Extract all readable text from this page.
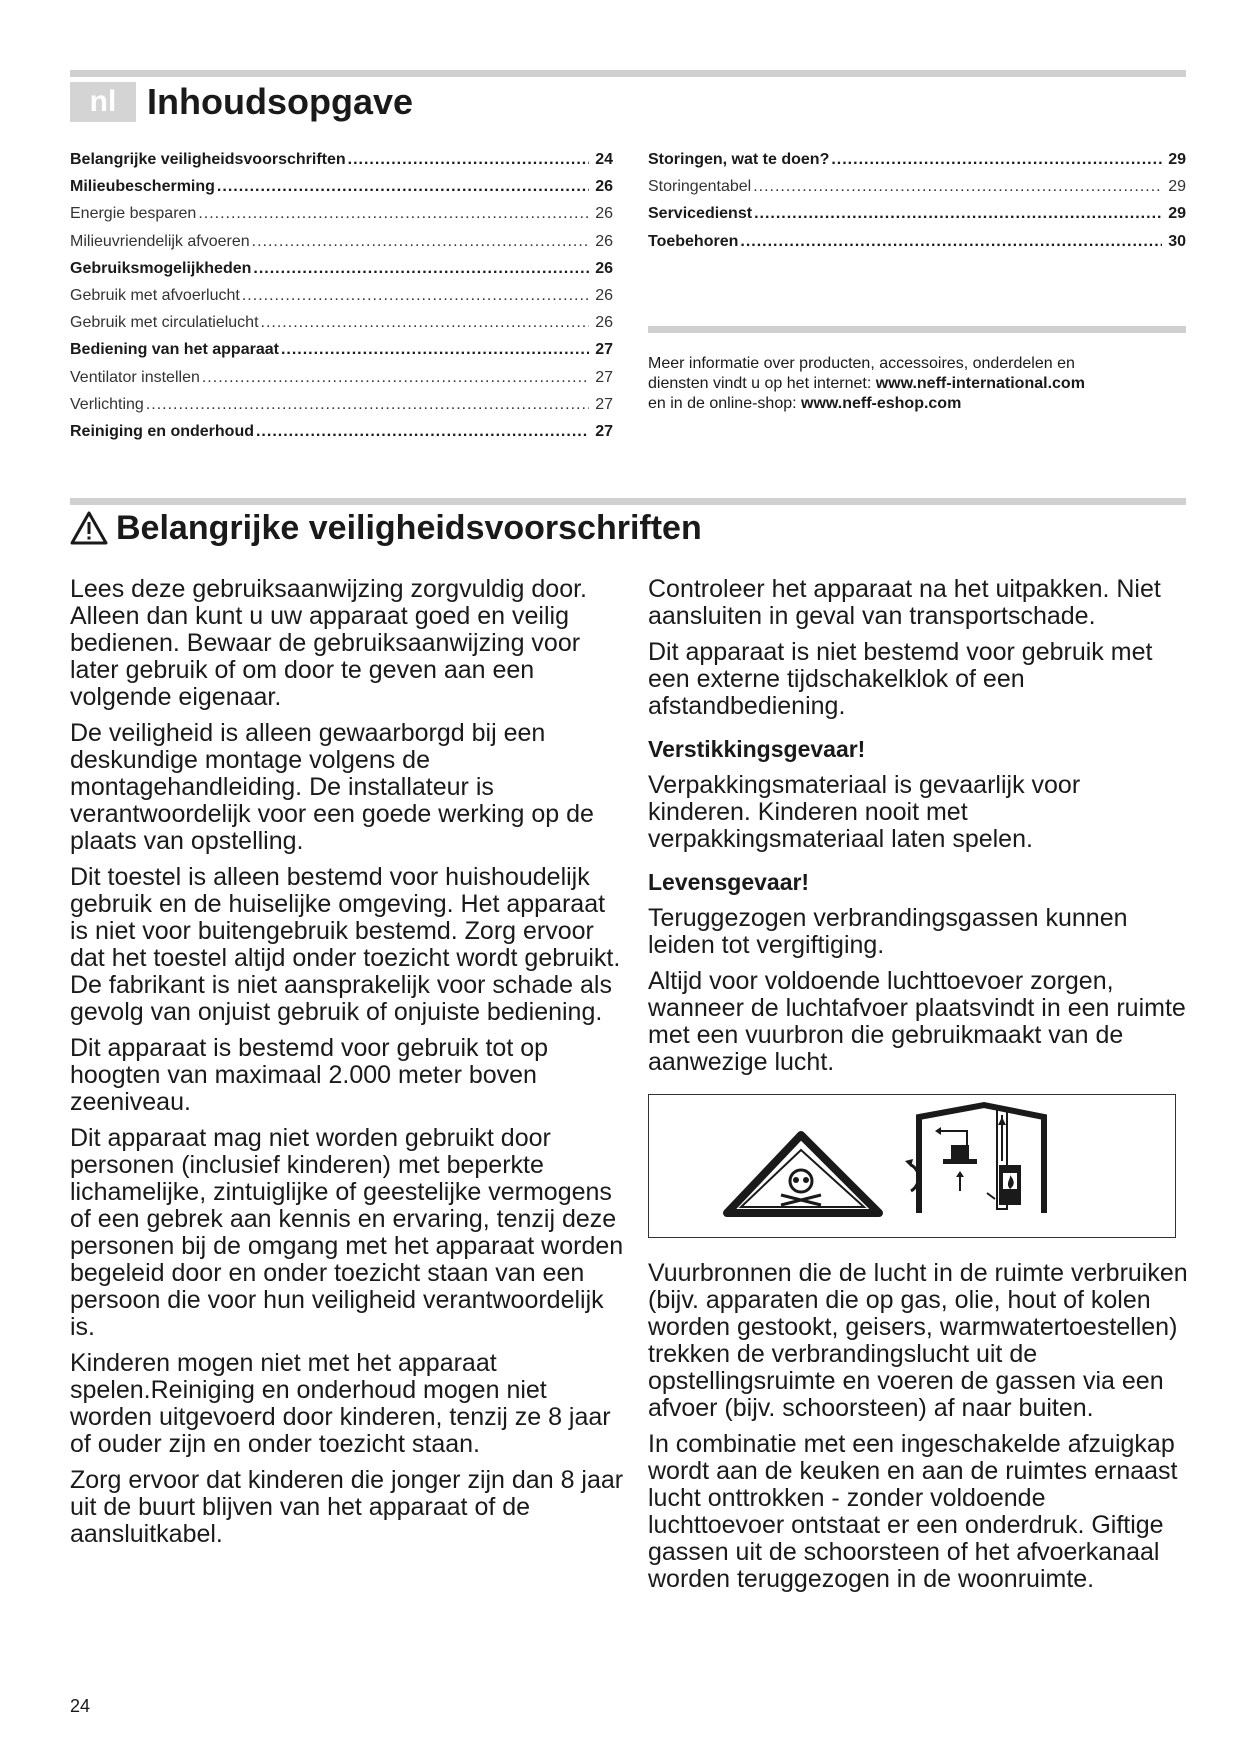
nl Inhoudsopgave
Belangrijke veiligheidsvoorschriften .....	24
Milieubescherming .....	26
Energie besparen .....	26
Milieuvriendelijk afvoeren .....	26
Gebruiksmogelijkheden .....	26
Gebruik met afvoerlucht .....	26
Gebruik met circulatielucht .....	26
Bediening van het apparaat .....	27
Ventilator instellen .....	27
Verlichting .....	27
Reiniging en onderhoud .....	27
Storingen, wat te doen? .....	29
Storingentabel .....	29
Servicedienst .....	29
Toebehoren .....	30
Meer informatie over producten, accessoires, onderdelen en
diensten vindt u op het internet: www.neff-international.com
en in de online-shop: www.neff-eshop.com
Belangrijke veiligheidsvoorschriften

Lees deze gebruiksaanwijzing zorgvuldig door. Alleen dan kunt u uw apparaat goed en veilig bedienen. Bewaar de gebruiksaanwijzing voor later gebruik of om door te geven aan een volgende eigenaar.

De veiligheid is alleen gewaarborgd bij een deskundige montage volgens de montagehandleiding. De installateur is verantwoordelijk voor een goede werking op de plaats van opstelling.

Dit toestel is alleen bestemd voor huishoudelijk gebruik en de huiselijke omgeving. Het apparaat is niet voor buitengebruik bestemd. Zorg ervoor dat het toestel altijd onder toezicht wordt gebruikt. De fabrikant is niet aansprakelijk voor schade als gevolg van onjuist gebruik of onjuiste bediening.

Dit apparaat is bestemd voor gebruik tot op hoogten van maximaal 2.000 meter boven zeeniveau.

Dit apparaat mag niet worden gebruikt door personen (inclusief kinderen) met beperkte lichamelijke, zintuiglijke of geestelijke vermogens of een gebrek aan kennis en ervaring, tenzij deze personen bij de omgang met het apparaat worden begeleid door en onder toezicht staan van een persoon die voor hun veiligheid verantwoordelijk is.

Kinderen mogen niet met het apparaat spelen.Reiniging en onderhoud mogen niet worden uitgevoerd door kinderen, tenzij ze 8 jaar of ouder zijn en onder toezicht staan.

Zorg ervoor dat kinderen die jonger zijn dan 8 jaar uit de buurt blijven van het apparaat of de aansluitkabel.

Controleer het apparaat na het uitpakken. Niet aansluiten in geval van transportschade.

Dit apparaat is niet bestemd voor gebruik met een externe tijdschakelklok of een afstandbediening.

Verstikkingsgevaar!

Verpakkingsmateriaal is gevaarlijk voor kinderen. Kinderen nooit met verpakkingsmateriaal laten spelen.

Levensgevaar!

Teruggezogen verbrandingsgassen kunnen leiden tot vergiftiging.

Altijd voor voldoende luchttoevoer zorgen, wanneer de luchtafvoer plaatsvindt in een ruimte met een vuurbron die gebruikmaakt van de aanwezige lucht.

Vuurbronnen die de lucht in de ruimte verbruiken (bijv. apparaten die op gas, olie, hout of kolen worden gestookt, geisers, warmwatertoestellen) trekken de verbrandingslucht uit de opstellingsruimte en voeren de gassen via een afvoer (bijv. schoorsteen) af naar buiten.

In combinatie met een ingeschakelde afzuigkap wordt aan de keuken en aan de ruimtes ernaast lucht onttrokken - zonder voldoende luchttoevoer ontstaat er een onderdruk. Giftige gassen uit de schoorsteen of het afvoerkanaal worden teruggezogen in de woonruimte.

24
